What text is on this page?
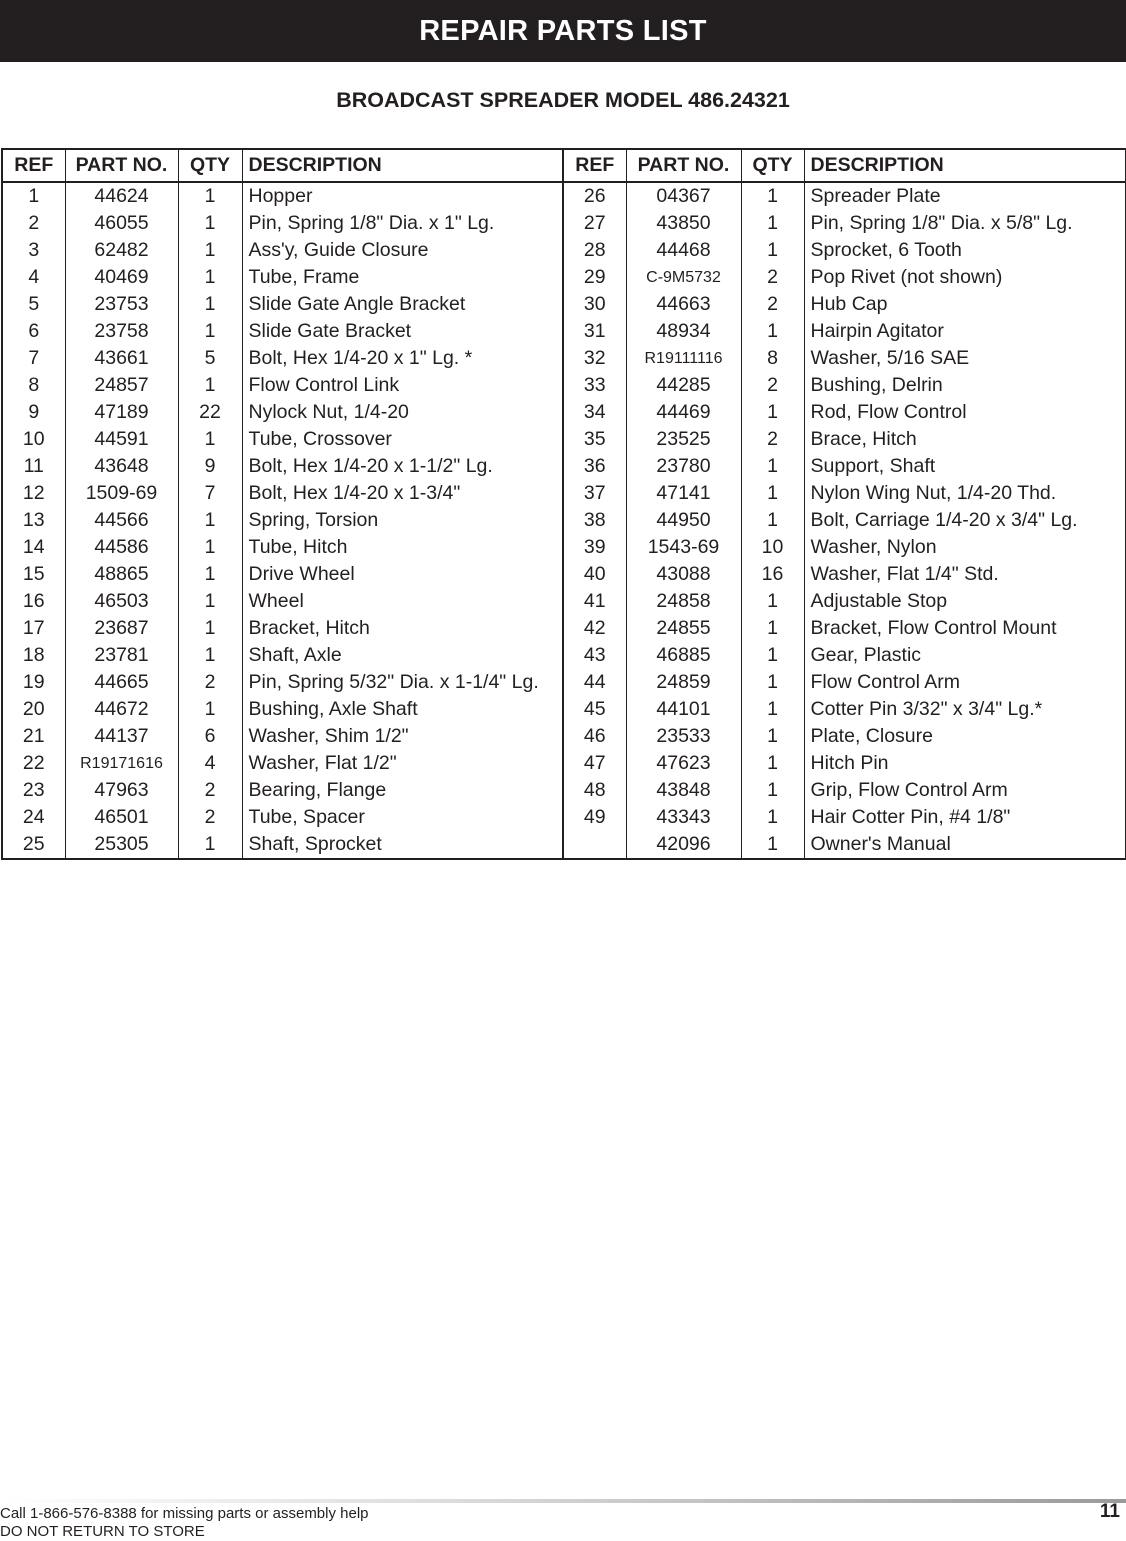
REPAIR PARTS LIST
BROADCAST SPREADER MODEL 486.24321
REF	PART NO.	QTY	DESCRIPTION	REF	PART NO.	QTY	DESCRIPTION
1	44624	1	Hopper	26	04367	1	Spreader Plate
2	46055	1	Pin, Spring 1/8" Dia. x 1" Lg.	27	43850	1	Pin, Spring 1/8" Dia. x 5/8" Lg.
3	62482	1	Ass'y, Guide Closure	28	44468	1	Sprocket, 6 Tooth
4	40469	1	Tube, Frame	29	C-9M5732	2	Pop Rivet (not shown)
5	23753	1	Slide Gate Angle Bracket	30	44663	2	Hub Cap
6	23758	1	Slide Gate Bracket	31	48934	1	Hairpin Agitator
7	43661	5	Bolt, Hex 1/4-20 x 1" Lg. *	32	R19111116	8	Washer, 5/16 SAE
8	24857	1	Flow Control Link	33	44285	2	Bushing, Delrin
9	47189	22	Nylock Nut, 1/4-20	34	44469	1	Rod, Flow Control
10	44591	1	Tube, Crossover	35	23525	2	Brace, Hitch
11	43648	9	Bolt, Hex 1/4-20 x 1-1/2" Lg.	36	23780	1	Support, Shaft
12	1509-69	7	Bolt, Hex 1/4-20 x 1-3/4"	37	47141	1	Nylon Wing Nut, 1/4-20 Thd.
13	44566	1	Spring, Torsion	38	44950	1	Bolt, Carriage 1/4-20 x 3/4" Lg.
14	44586	1	Tube, Hitch	39	1543-69	10	Washer, Nylon
15	48865	1	Drive Wheel	40	43088	16	Washer, Flat 1/4" Std.
16	46503	1	Wheel	41	24858	1	Adjustable Stop
17	23687	1	Bracket, Hitch	42	24855	1	Bracket, Flow Control Mount
18	23781	1	Shaft, Axle	43	46885	1	Gear, Plastic
19	44665	2	Pin, Spring 5/32" Dia. x 1-1/4" Lg.	44	24859	1	Flow Control Arm
20	44672	1	Bushing, Axle Shaft	45	44101	1	Cotter Pin 3/32" x 3/4" Lg.*
21	44137	6	Washer, Shim 1/2"	46	23533	1	Plate, Closure
22	R19171616	4	Washer, Flat 1/2"	47	47623	1	Hitch Pin
23	47963	2	Bearing, Flange	48	43848	1	Grip, Flow Control Arm
24	46501	2	Tube, Spacer	49	43343	1	Hair Cotter Pin, #4 1/8"
25	25305	1	Shaft, Sprocket		42096	1	Owner's Manual
Call 1-866-576-8388 for missing parts or assembly help
DO NOT RETURN TO STORE
11
